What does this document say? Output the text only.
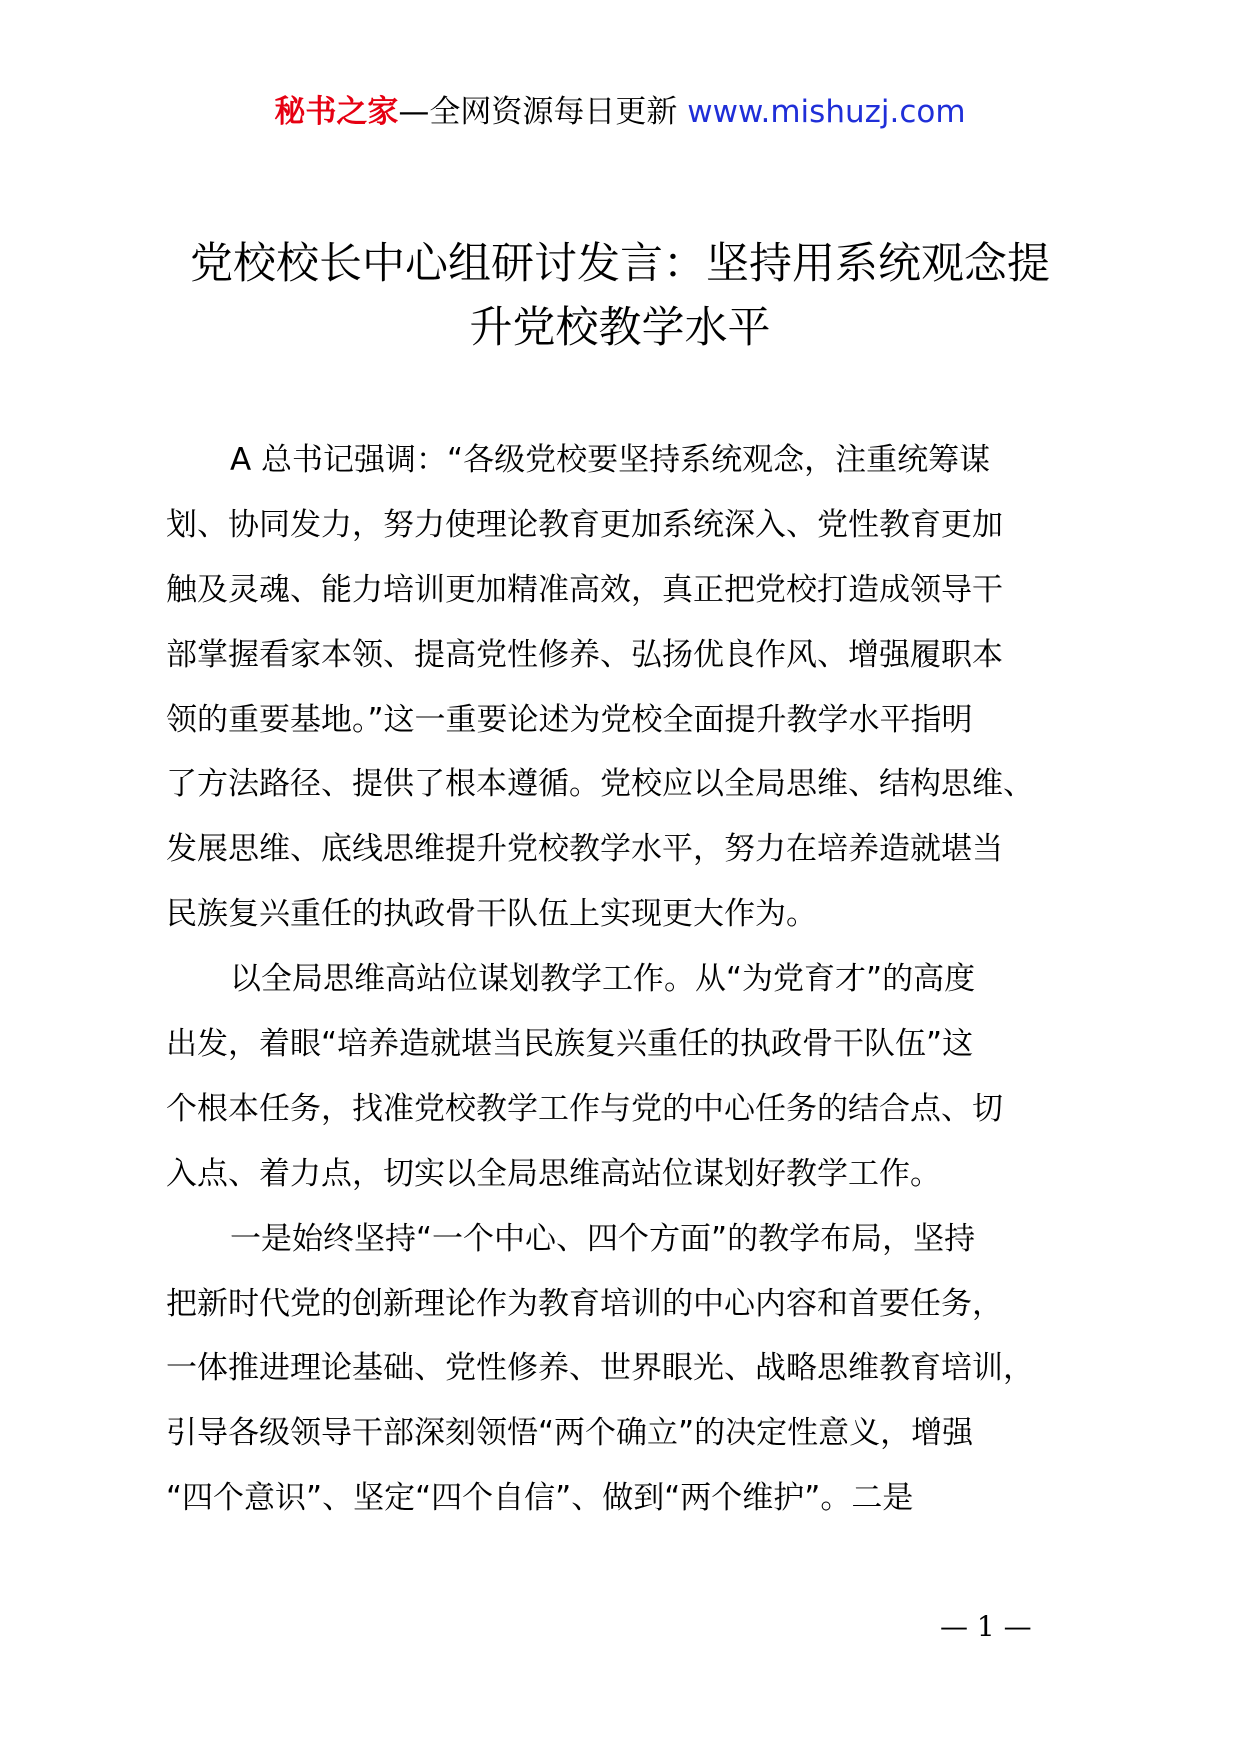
秘书之家—全网资源每日更新 www.mishuzj.com
党校校长中心组研讨发言：坚持用系统观念提
升党校教学水平
A 总书记强调：“各级党校要坚持系统观念，注重统筹谋
划、协同发力，努力使理论教育更加系统深入、党性教育更加
触及灵魂、能力培训更加精准高效，真正把党校打造成领导干
部掌握看家本领、提高党性修养、弘扬优良作风、增强履职本
领的重要基地。”这一重要论述为党校全面提升教学水平指明
了方法路径、提供了根本遵循。党校应以全局思维、结构思维、
发展思维、底线思维提升党校教学水平，努力在培养造就堪当
民族复兴重任的执政骨干队伍上实现更大作为。
以全局思维高站位谋划教学工作。从“为党育才”的高度
出发，着眼“培养造就堪当民族复兴重任的执政骨干队伍”这
个根本任务，找准党校教学工作与党的中心任务的结合点、切
入点、着力点，切实以全局思维高站位谋划好教学工作。
一是始终坚持“一个中心、四个方面”的教学布局，坚持
把新时代党的创新理论作为教育培训的中心内容和首要任务，
一体推进理论基础、党性修养、世界眼光、战略思维教育培训，
引导各级领导干部深刻领悟“两个确立”的决定性意义，增强
“四个意识”、坚定“四个自信”、做到“两个维护”。二是
— 1 —
